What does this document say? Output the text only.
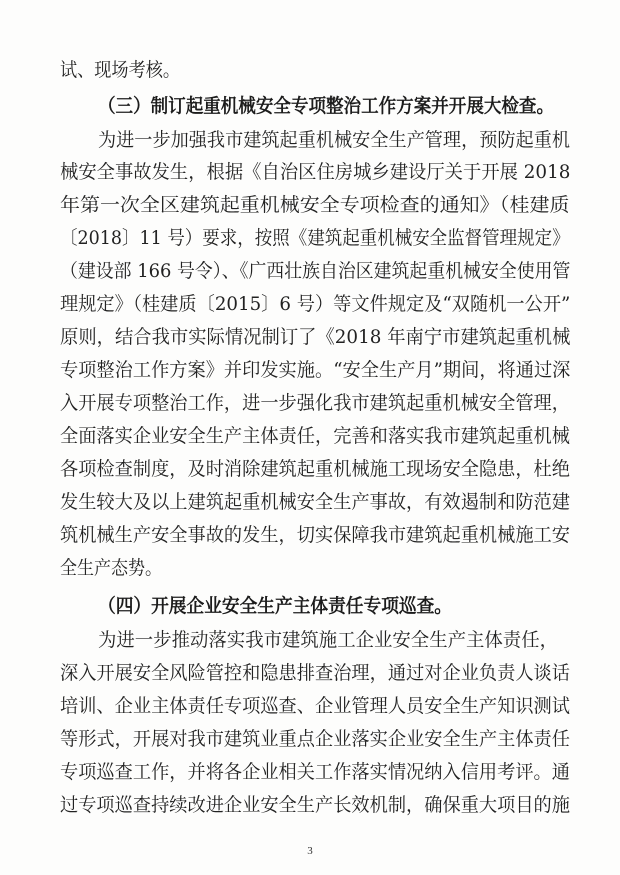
试、现场考核。
（三）制订起重机械安全专项整治工作方案并开展大检查。
为进一步加强我市建筑起重机械安全生产管理，预防起重机
械安全事故发生，根据《自治区住房城乡建设厅关于开展 2018
年第一次全区建筑起重机械安全专项检查的通知》（桂建质
〔2018〕11 号）要求，按照《建筑起重机械安全监督管理规定》
（建设部 166 号令）、《广西壮族自治区建筑起重机械安全使用管
理规定》（桂建质〔2015〕6 号）等文件规定及“双随机一公开”
原则，结合我市实际情况制订了《2018 年南宁市建筑起重机械
专项整治工作方案》并印发实施。“安全生产月”期间，将通过深
入开展专项整治工作，进一步强化我市建筑起重机械安全管理，
全面落实企业安全生产主体责任，完善和落实我市建筑起重机械
各项检查制度，及时消除建筑起重机械施工现场安全隐患，杜绝
发生较大及以上建筑起重机械安全生产事故，有效遏制和防范建
筑机械生产安全事故的发生，切实保障我市建筑起重机械施工安
全生产态势。
（四）开展企业安全生产主体责任专项巡查。
为进一步推动落实我市建筑施工企业安全生产主体责任，
深入开展安全风险管控和隐患排查治理，通过对企业负责人谈话
培训、企业主体责任专项巡查、企业管理人员安全生产知识测试
等形式，开展对我市建筑业重点企业落实企业安全生产主体责任
专项巡查工作，并将各企业相关工作落实情况纳入信用考评。通
过专项巡查持续改进企业安全生产长效机制，确保重大项目的施
3
